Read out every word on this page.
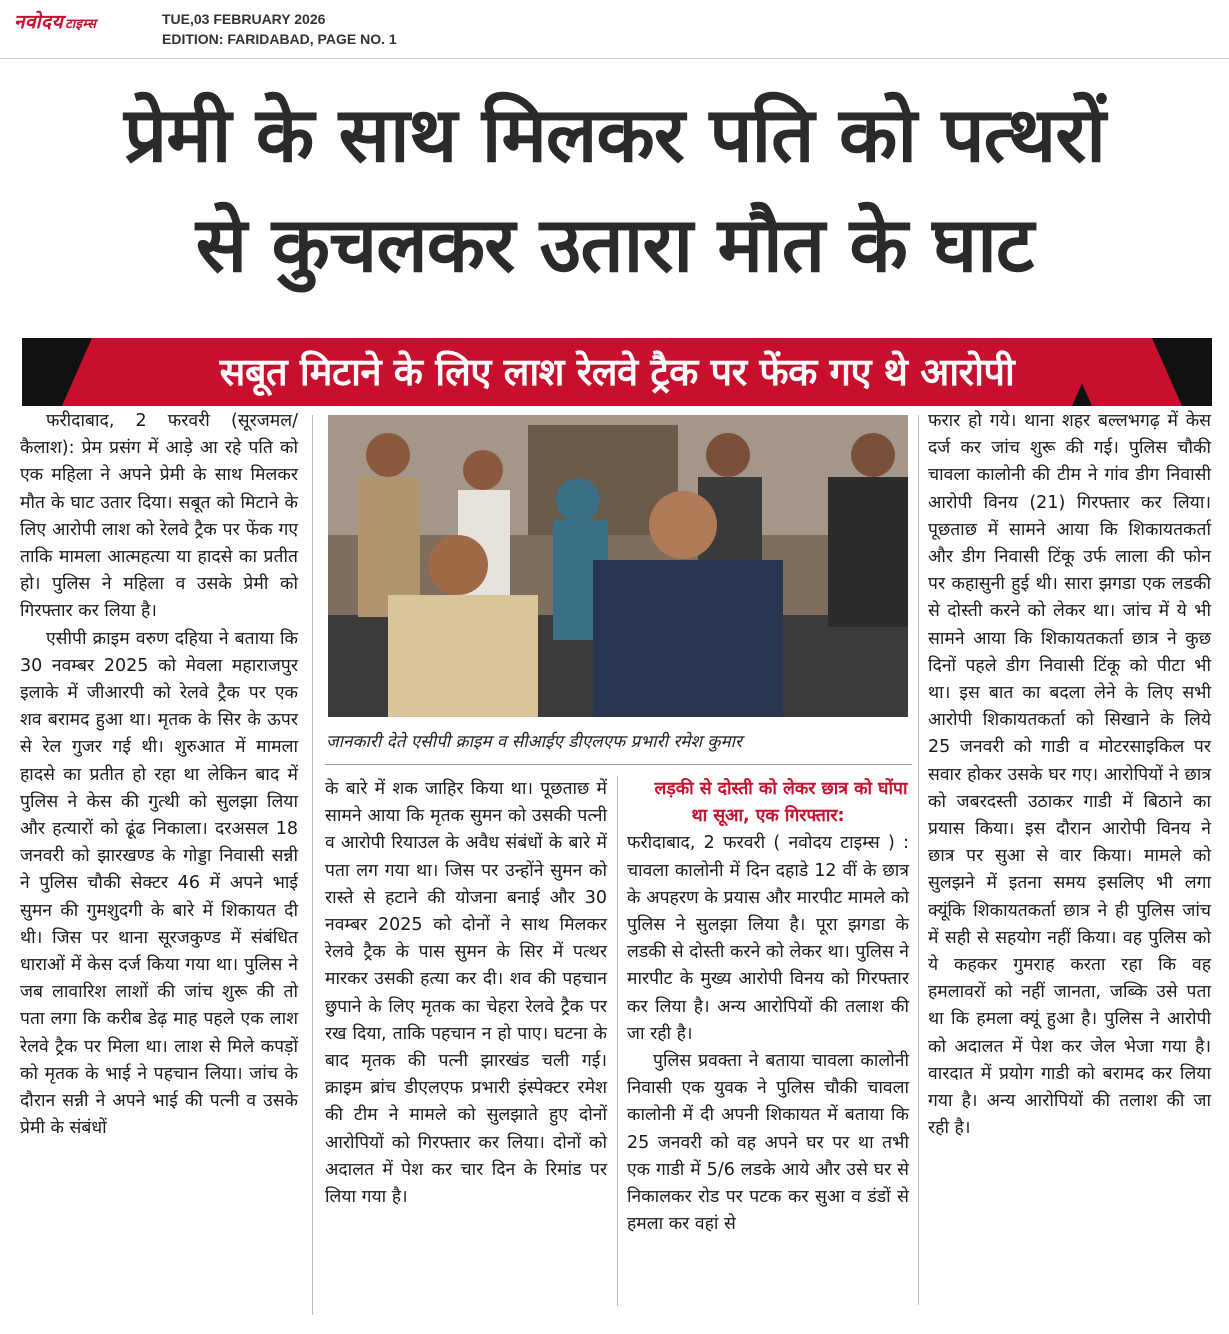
नवोदय टाइम्स	TUE,03 FEBRUARY 2026
EDITION: FARIDABAD, PAGE NO. 1
प्रेमी के साथ मिलकर पति को पत्थरों
से कुचलकर उतारा मौत के घाट
सबूत मिटाने के लिए लाश रेलवे ट्रैक पर फेंक गए थे आरोपी

फरीदाबाद, 2 फरवरी (सूरजमल/कैलाश): प्रेम प्रसंग में आड़े आ रहे पति को एक महिला ने अपने प्रेमी के साथ मिलकर मौत के घाट उतार दिया। सबूत को मिटाने के लिए आरोपी लाश को रेलवे ट्रैक पर फेंक गए ताकि मामला आत्महत्या या हादसे का प्रतीत हो। पुलिस ने महिला व उसके प्रेमी को गिरफ्तार कर लिया है।

एसीपी क्राइम वरुण दहिया ने बताया कि 30 नवम्बर 2025 को मेवला महाराजपुर इलाके में जीआरपी को रेलवे ट्रैक पर एक शव बरामद हुआ था। मृतक के सिर के ऊपर से रेल गुजर गई थी। शुरुआत में मामला हादसे का प्रतीत हो रहा था लेकिन बाद में पुलिस ने केस की गुत्थी को सुलझा लिया और हत्यारों को ढूंढ निकाला। दरअसल 18 जनवरी को झारखण्ड के गोड्डा निवासी सन्नी ने पुलिस चौकी सेक्टर 46 में अपने भाई सुमन की गुमशुदगी के बारे में शिकायत दी थी। जिस पर थाना सूरजकुण्ड में संबंधित धाराओं में केस दर्ज किया गया था। पुलिस ने जब लावारिश लाशों की जांच शुरू की तो पता लगा कि करीब डेढ़ माह पहले एक लाश रेलवे ट्रैक पर मिला था। लाश से मिले कपड़ों को मृतक के भाई ने पहचान लिया। जांच के दौरान सन्नी ने अपने भाई की पत्नी व उसके प्रेमी के संबंधों

जानकारी देते एसीपी क्राइम व सीआईए डीएलएफ प्रभारी रमेश कुमार

के बारे में शक जाहिर किया था। पूछताछ में सामने आया कि मृतक सुमन को उसकी पत्नी व आरोपी रियाउल के अवैध संबंधों के बारे में पता लग गया था। जिस पर उन्होंने सुमन को रास्ते से हटाने की योजना बनाई और 30 नवम्बर 2025 को दोनों ने साथ मिलकर रेलवे ट्रैक के पास सुमन के सिर में पत्थर मारकर उसकी हत्या कर दी। शव की पहचान छुपाने के लिए मृतक का चेहरा रेलवे ट्रैक पर रख दिया, ताकि पहचान न हो पाए। घटना के बाद मृतक की पत्नी झारखंड चली गई। क्राइम ब्रांच डीएलएफ प्रभारी इंस्पेक्टर रमेश की टीम ने मामले को सुलझाते हुए दोनों आरोपियों को गिरफ्तार कर लिया। दोनों को अदालत में पेश कर चार दिन के रिमांड पर लिया गया है।

लड़की से दोस्ती को लेकर छात्र को घोंपा था सूआ, एक गिरफ्तार:

फरीदाबाद, 2 फरवरी ( नवोदय टाइम्स ) : चावला कालोनी में दिन दहाडे 12 वीं के छात्र के अपहरण के प्रयास और मारपीट मामले को पुलिस ने सुलझा लिया है। पूरा झगडा के लडकी से दोस्ती करने को लेकर था। पुलिस ने मारपीट के मुख्य आरोपी विनय को गिरफ्तार कर लिया है। अन्य आरोपियों की तलाश की जा रही है।

पुलिस प्रवक्ता ने बताया चावला कालोनी निवासी एक युवक ने पुलिस चौकी चावला कालोनी में दी अपनी शिकायत में बताया कि 25 जनवरी को वह अपने घर पर था तभी एक गाडी में 5/6 लडके आये और उसे घर से निकालकर रोड पर पटक कर सुआ व डंडों से हमला कर वहां से

फरार हो गये। थाना शहर बल्लभगढ़ में केस दर्ज कर जांच शुरू की गई। पुलिस चौकी चावला कालोनी की टीम ने गांव डीग निवासी आरोपी विनय (21) गिरफ्तार कर लिया। पूछताछ में सामने आया कि शिकायतकर्ता और डीग निवासी टिंकू उर्फ लाला की फोन पर कहासुनी हुई थी। सारा झगडा एक लडकी से दोस्ती करने को लेकर था। जांच में ये भी सामने आया कि शिकायतकर्ता छात्र ने कुछ दिनों पहले डीग निवासी टिंकू को पीटा भी था। इस बात का बदला लेने के लिए सभी आरोपी शिकायतकर्ता को सिखाने के लिये 25 जनवरी को गाडी व मोटरसाइकिल पर सवार होकर उसके घर गए। आरोपियों ने छात्र को जबरदस्ती उठाकर गाडी में बिठाने का प्रयास किया। इस दौरान आरोपी विनय ने छात्र पर सुआ से वार किया। मामले को सुलझने में इतना समय इसलिए भी लगा क्यूंकि शिकायतकर्ता छात्र ने ही पुलिस जांच में सही से सहयोग नहीं किया। वह पुलिस को ये कहकर गुमराह करता रहा कि वह हमलावरों को नहीं जानता, जब्कि उसे पता था कि हमला क्यूं हुआ है। पुलिस ने आरोपी को अदालत में पेश कर जेल भेजा गया है। वारदात में प्रयोग गाडी को बरामद कर लिया गया है। अन्य आरोपियों की तलाश की जा रही है।
